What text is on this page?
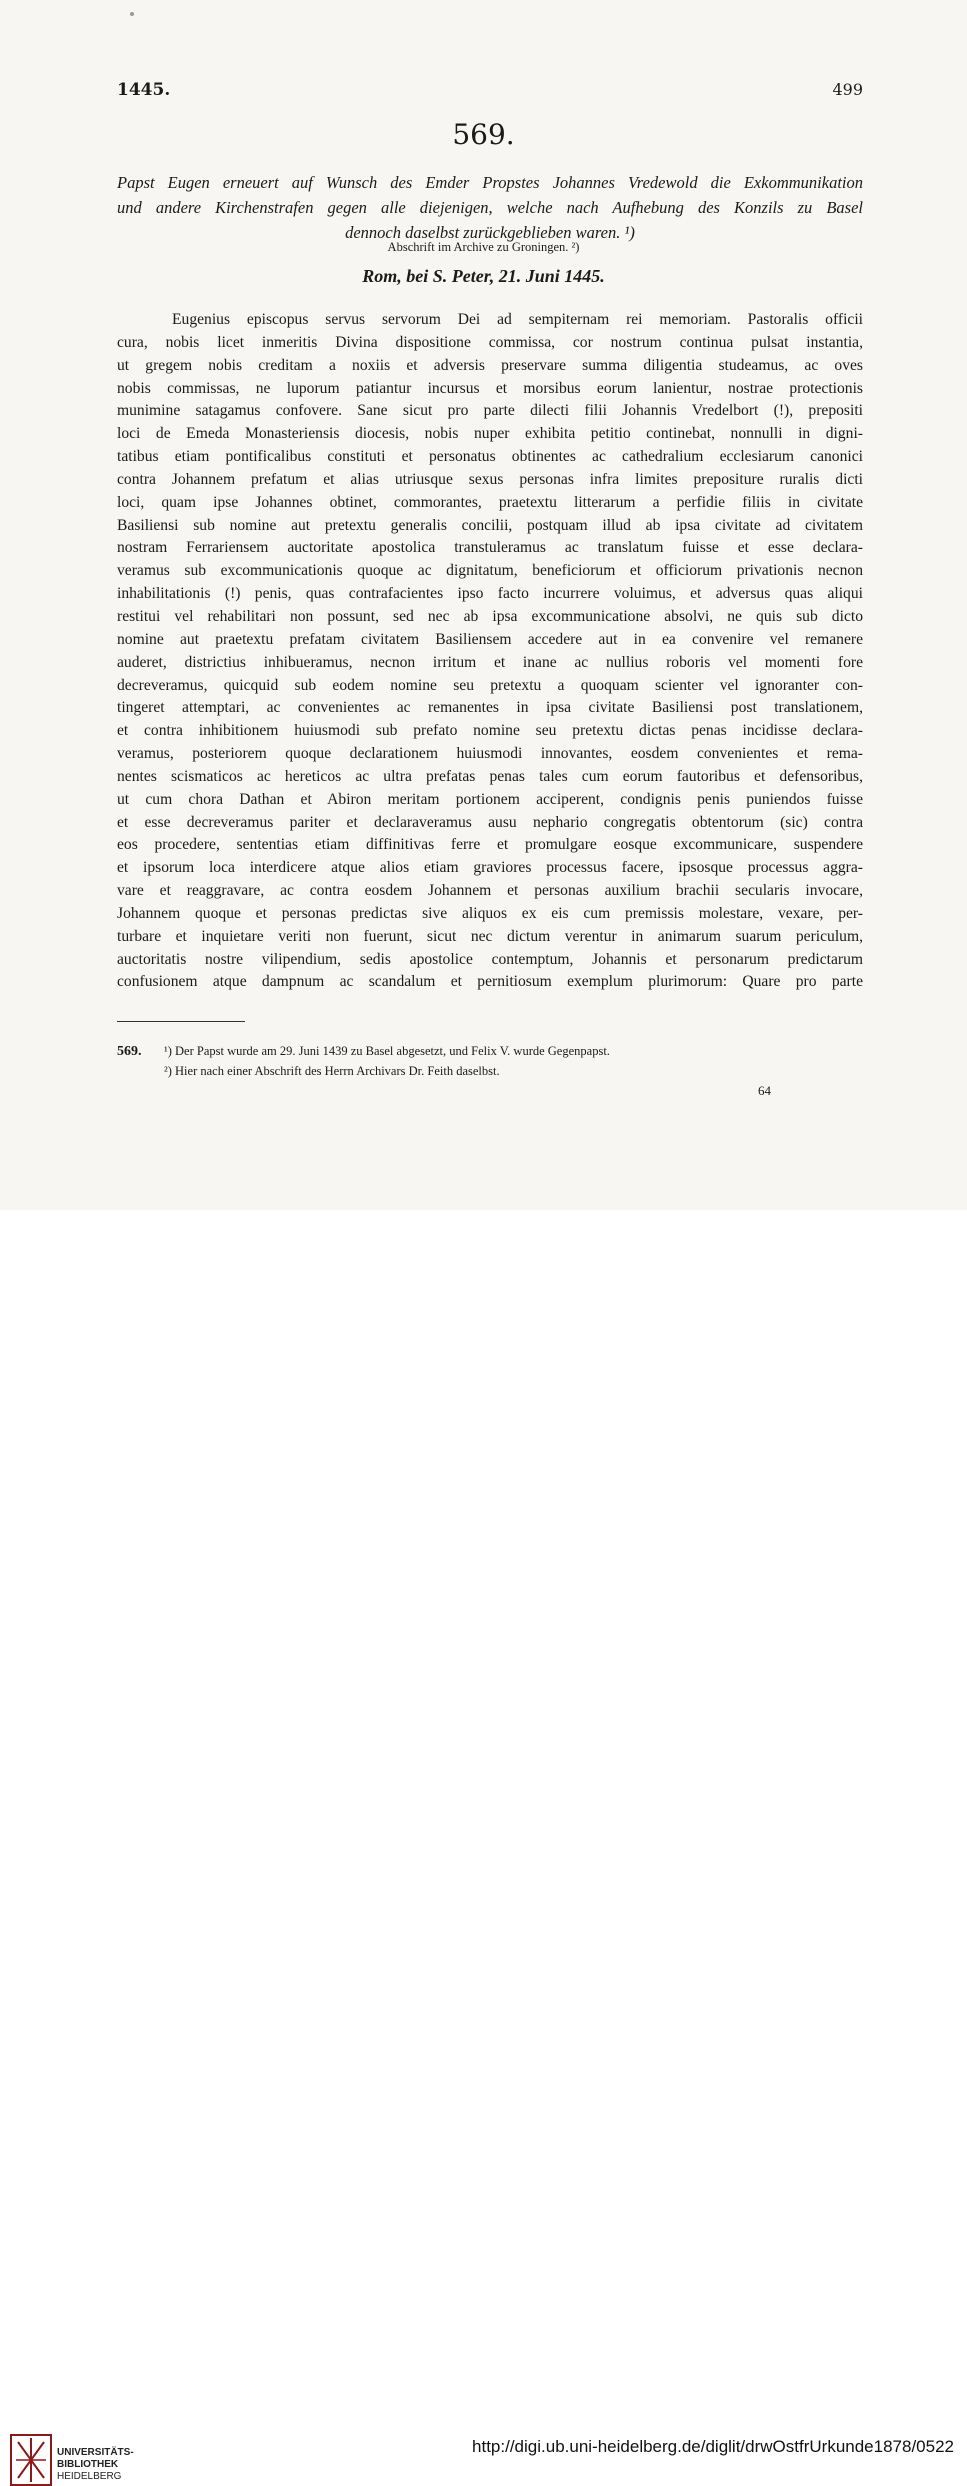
1445.	499
569.
Papst Eugen erneuert auf Wunsch des Emder Propstes Johannes Vredewold die Exkommunikation
und andere Kirchenstrafen gegen alle diejenigen, welche nach Aufhebung des Konzils zu Basel
dennoch daselbst zurückgeblieben waren. ¹)
Abschrift im Archive zu Groningen. ²)
Rom, bei S. Peter, 21. Juni 1445.
Eugenius episcopus servus servorum Dei ad sempiternam rei memoriam. Pastoralis officii
cura, nobis licet inmeritis Divina dispositione commissa, cor nostrum continua pulsat instantia,
ut gregem nobis creditam a noxiis et adversis preservare summa diligentia studeamus, ac oves
nobis commissas, ne luporum patiantur incursus et morsibus eorum lanientur, nostrae protectionis
munimine satagamus confovere. Sane sicut pro parte dilecti filii Johannis Vredelbort (!), prepositi
loci de Emeda Monasteriensis diocesis, nobis nuper exhibita petitio continebat, nonnulli in digni-
tatibus etiam pontificalibus constituti et personatus obtinentes ac cathedralium ecclesiarum canonici
contra Johannem prefatum et alias utriusque sexus personas infra limites prepositure ruralis dicti
loci, quam ipse Johannes obtinet, commorantes, praetextu litterarum a perfidie filiis in civitate
Basiliensi sub nomine aut pretextu generalis concilii, postquam illud ab ipsa civitate ad civitatem
nostram Ferrariensem auctoritate apostolica transtuleramus ac translatum fuisse et esse declara-
veramus sub excommunicationis quoque ac dignitatum, beneficiorum et officiorum privationis necnon
inhabilitationis (!) penis, quas contrafacientes ipso facto incurrere voluimus, et adversus quas aliqui
restitui vel rehabilitari non possunt, sed nec ab ipsa excommunicatione absolvi, ne quis sub dicto
nomine aut praetextu prefatam civitatem Basiliensem accedere aut in ea convenire vel remanere
auderet, districtius inhibueramus, necnon irritum et inane ac nullius roboris vel momenti fore
decreveramus, quicquid sub eodem nomine seu pretextu a quoquam scienter vel ignoranter con-
tingeret attemptari, ac convenientes ac remanentes in ipsa civitate Basiliensi post translationem,
et contra inhibitionem huiusmodi sub prefato nomine seu pretextu dictas penas incidisse declara-
veramus, posteriorem quoque declarationem huiusmodi innovantes, eosdem convenientes et rema-
nentes scismaticos ac hereticos ac ultra prefatas penas tales cum eorum fautoribus et defensoribus,
ut cum chora Dathan et Abiron meritam portionem acciperent, condignis penis puniendos fuisse
et esse decreveramus pariter et declaraveramus ausu nephario congregatis obtentorum (sic) contra
eos procedere, sententias etiam diffinitivas ferre et promulgare eosque excommunicare, suspendere
et ipsorum loca interdicere atque alios etiam graviores processus facere, ipsosque processus aggra-
vare et reaggravare, ac contra eosdem Johannem et personas auxilium brachii secularis invocare,
Johannem quoque et personas predictas sive aliquos ex eis cum premissis molestare, vexare, per-
turbare et inquietare veriti non fuerunt, sicut nec dictum verentur in animarum suarum periculum,
auctoritatis nostre vilipendium, sedis apostolice contemptum, Johannis et personarum predictarum
confusionem atque dampnum ac scandalum et pernitiosum exemplum plurimorum: Quare pro parte
569. ¹) Der Papst wurde am 29. Juni 1439 zu Basel abgesetzt, und Felix V. wurde Gegenpapst.
²) Hier nach einer Abschrift des Herrn Archivars Dr. Feith daselbst.
64
UNIVERSITÄTS-
BIBLIOTHEK
HEIDELBERG
http://digi.ub.uni-heidelberg.de/diglit/drwOstfrUrkunde1878/0522
